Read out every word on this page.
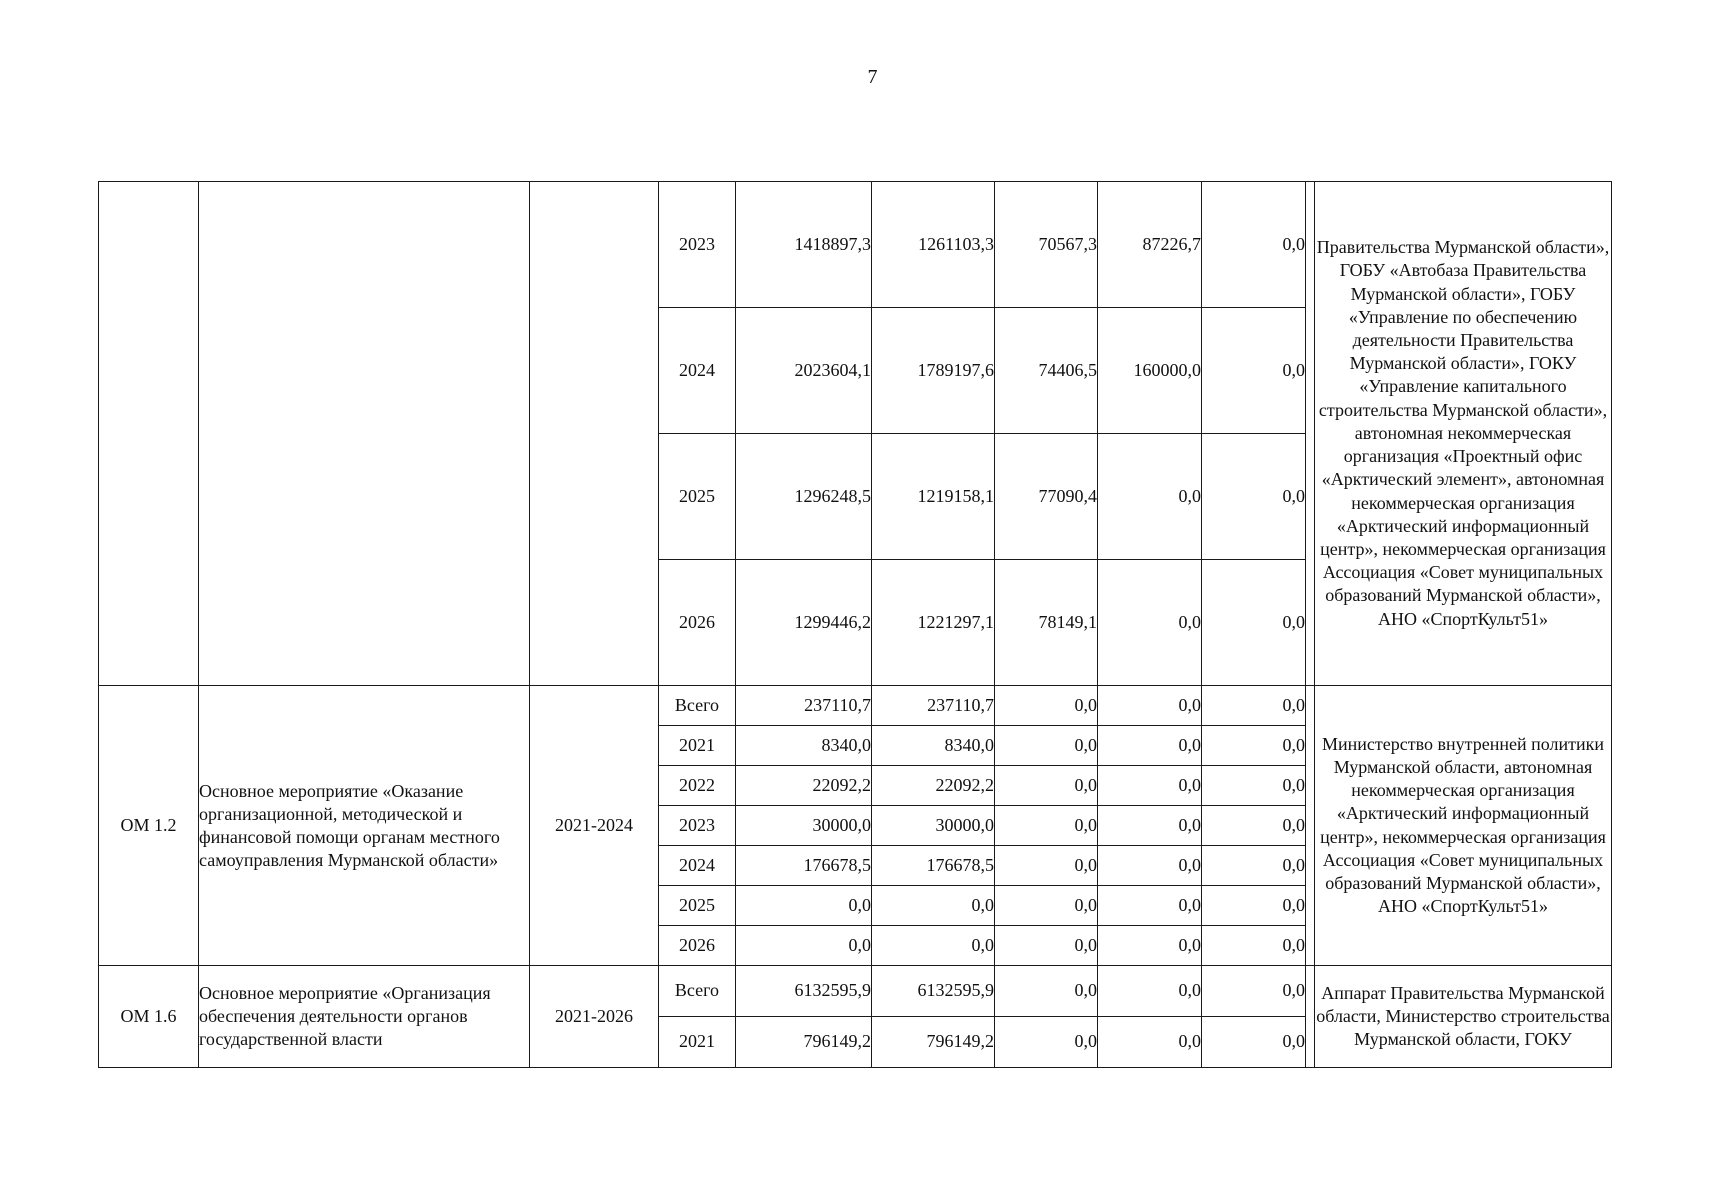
7
			2023	1418897,3	1261103,3	70567,3	87226,7	0,0		Правительства Мурманской области», ГОБУ «Автобаза Правительства Мурманской области», ГОБУ «Управление по обеспечению деятельности Правительства Мурманской области», ГОКУ «Управление капитального строительства Мурманской области», автономная некоммерческая организация «Проектный офис «Арктический элемент», автономная некоммерческая организация «Арктический информационный центр», некоммерческая организация Ассоциация «Совет муниципальных образований Мурманской области», АНО «СпортКульт51»
			2024	2023604,1	1789197,6	74406,5	160000,0	0,0		
			2025	1296248,5	1219158,1	77090,4	0,0	0,0		
			2026	1299446,2	1221297,1	78149,1	0,0	0,0		
ОМ 1.2	Основное мероприятие «Оказание организационной, методической и финансовой помощи органам местного самоуправления Мурманской области»	2021-2024	Всего	237110,7	237110,7	0,0	0,0	0,0		Министерство внутренней политики Мурманской области, автономная некоммерческая организация «Арктический информационный центр», некоммерческая организация Ассоциация «Совет муниципальных образований Мурманской области», АНО «СпортКульт51»
			2021	8340,0	8340,0	0,0	0,0	0,0		
			2022	22092,2	22092,2	0,0	0,0	0,0		
			2023	30000,0	30000,0	0,0	0,0	0,0		
			2024	176678,5	176678,5	0,0	0,0	0,0		
			2025	0,0	0,0	0,0	0,0	0,0		
			2026	0,0	0,0	0,0	0,0	0,0		
ОМ 1.6	Основное мероприятие «Организация обеспечения деятельности органов государственной власти	2021-2026	Всего	6132595,9	6132595,9	0,0	0,0	0,0		Аппарат Правительства Мурманской области, Министерство строительства Мурманской области, ГОКУ
			2021	796149,2	796149,2	0,0	0,0	0,0		
